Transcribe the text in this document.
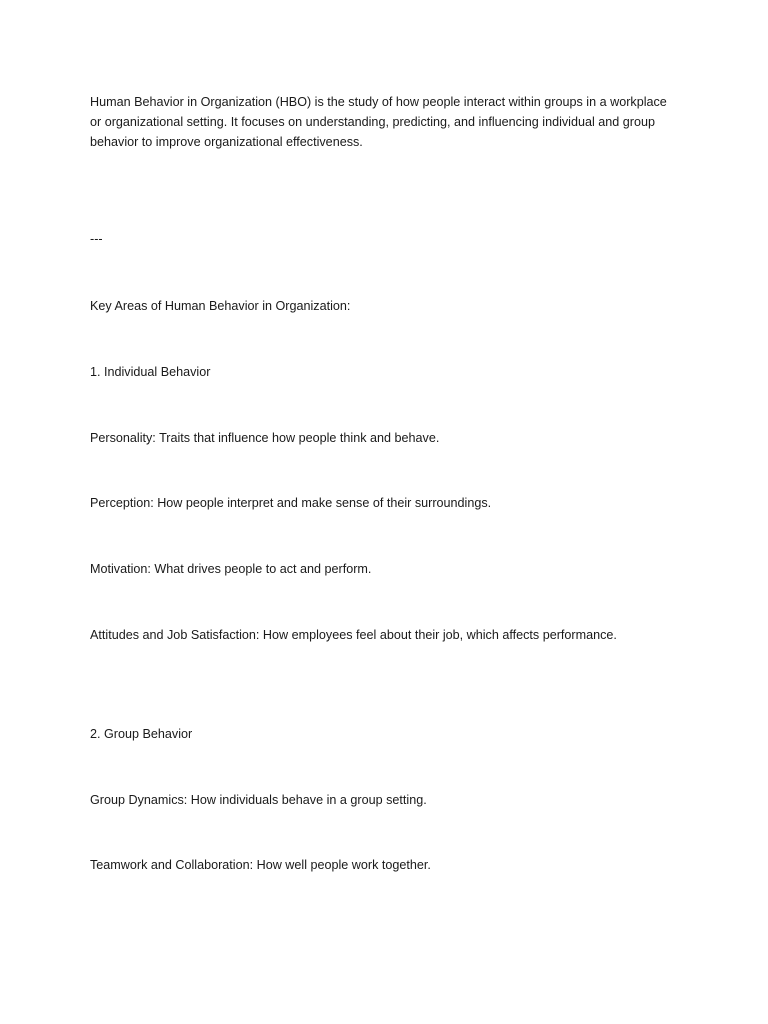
Human Behavior in Organization (HBO) is the study of how people interact within groups in a workplace
or organizational setting. It focuses on understanding, predicting, and influencing individual and group
behavior to improve organizational effectiveness.

---

Key Areas of Human Behavior in Organization:

1. Individual Behavior

Personality: Traits that influence how people think and behave.

Perception: How people interpret and make sense of their surroundings.

Motivation: What drives people to act and perform.

Attitudes and Job Satisfaction: How employees feel about their job, which affects performance.

2. Group Behavior

Group Dynamics: How individuals behave in a group setting.

Teamwork and Collaboration: How well people work together.
